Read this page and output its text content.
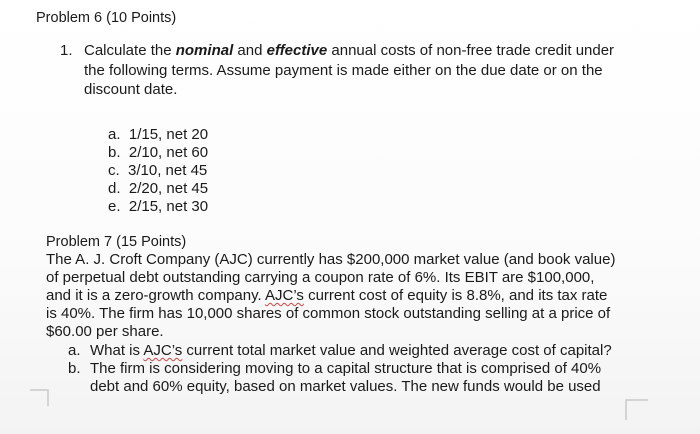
Problem 6 (10 Points)
1. Calculate the nominal and effective annual costs of non-free trade credit under
the following terms. Assume payment is made either on the due date or on the
discount date.
a. 1/15, net 20
b. 2/10, net 60
c. 3/10, net 45
d. 2/20, net 45
e. 2/15, net 30
Problem 7 (15 Points)
The A. J. Croft Company (AJC) currently has $200,000 market value (and book value)
of perpetual debt outstanding carrying a coupon rate of 6%. Its EBIT are $100,000,
and it is a zero-growth company. AJC’s current cost of equity is 8.8%, and its tax rate
is 40%. The firm has 10,000 shares of common stock outstanding selling at a price of
$60.00 per share.
a. What is AJC’s current total market value and weighted average cost of capital?
b. The firm is considering moving to a capital structure that is comprised of 40%
debt and 60% equity, based on market values. The new funds would be used
